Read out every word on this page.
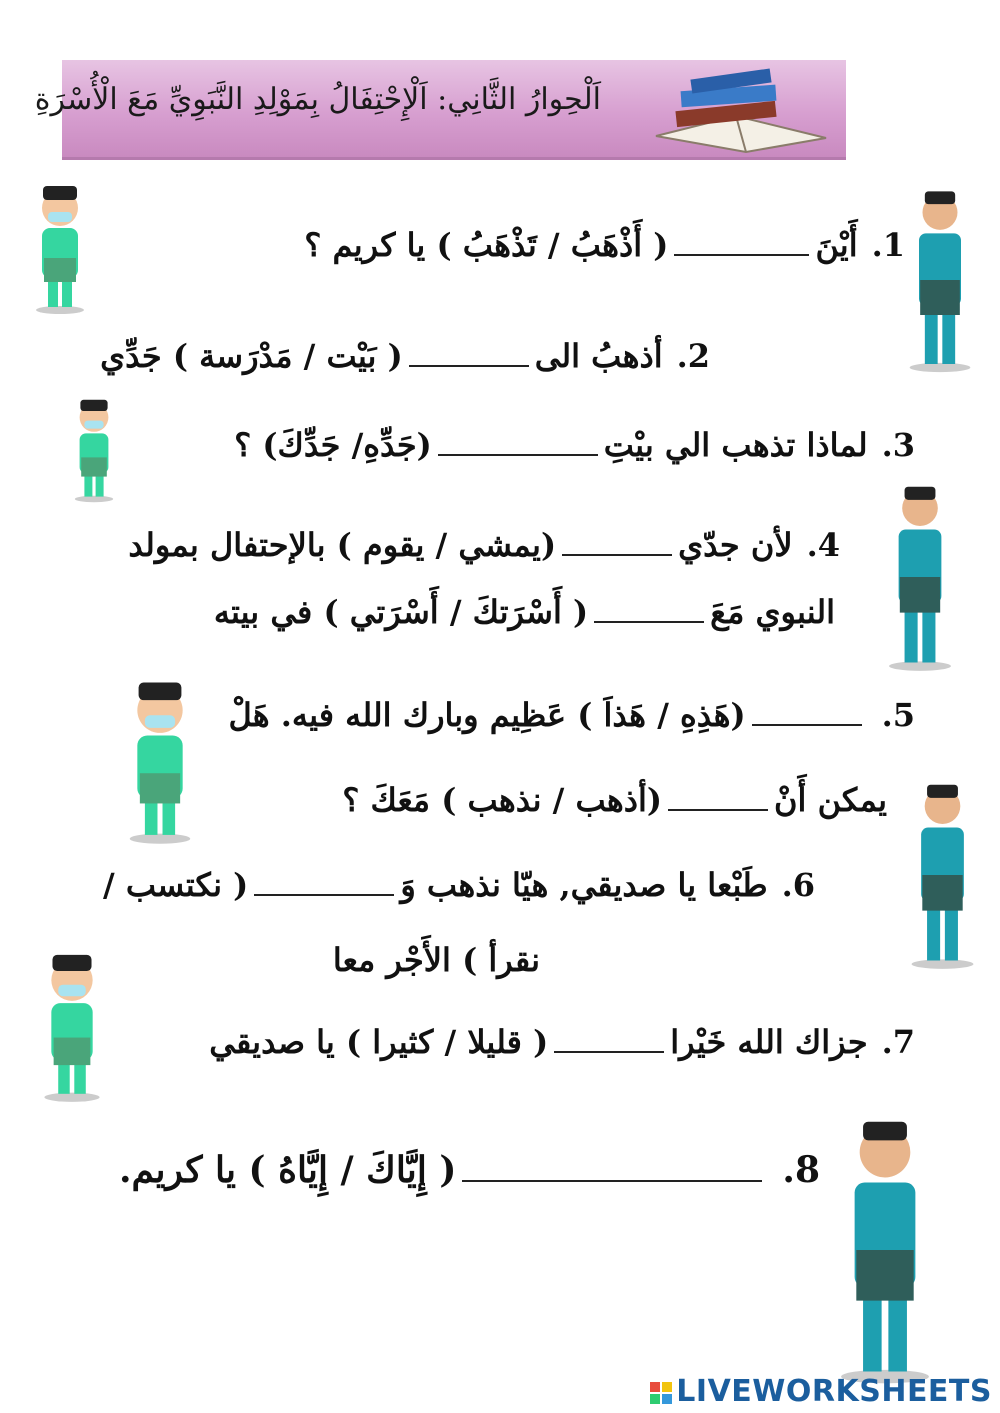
اَلْحِوارُ الثَّانِي: اَلْإِحْتِفَالُ بِمَوْلِدِ النَّبَوِيِّ مَعَ الْأُسْرَةِ
1.أَيْنَ( أَذْهَبُ / تَذْهَبُ ) يا كريم ؟
2.أذهبُ الى( بَيْت / مَدْرَسة ) جَدِّي
3.لماذا تذهب الي بيْتِ(جَدِّهِ/ جَدِّكَ) ؟
4.لأن جدّي(يمشي / يقوم ) بالإحتفال بمولد
النبوي مَعَ( أَسْرَتكَ / أَسْرَتي ) في بيته
5.(هَذِهِ / هَذاَ ) عَظِيم وبارك الله فيه. هَلْ
يمكن أَنْ(أذهب / نذهب ) مَعَكَ ؟
6.طَبْعا يا صديقي, هيّا نذهب وَ( نكتسب /
نقرأ ) الأَجْر معا
7.جزاك الله خَيْرا( قليلا / كثيرا ) يا صديقي
8.( إِيَّاكَ / إِيَّاهُ ) يا كريم.
LIVEWORKSHEETS
